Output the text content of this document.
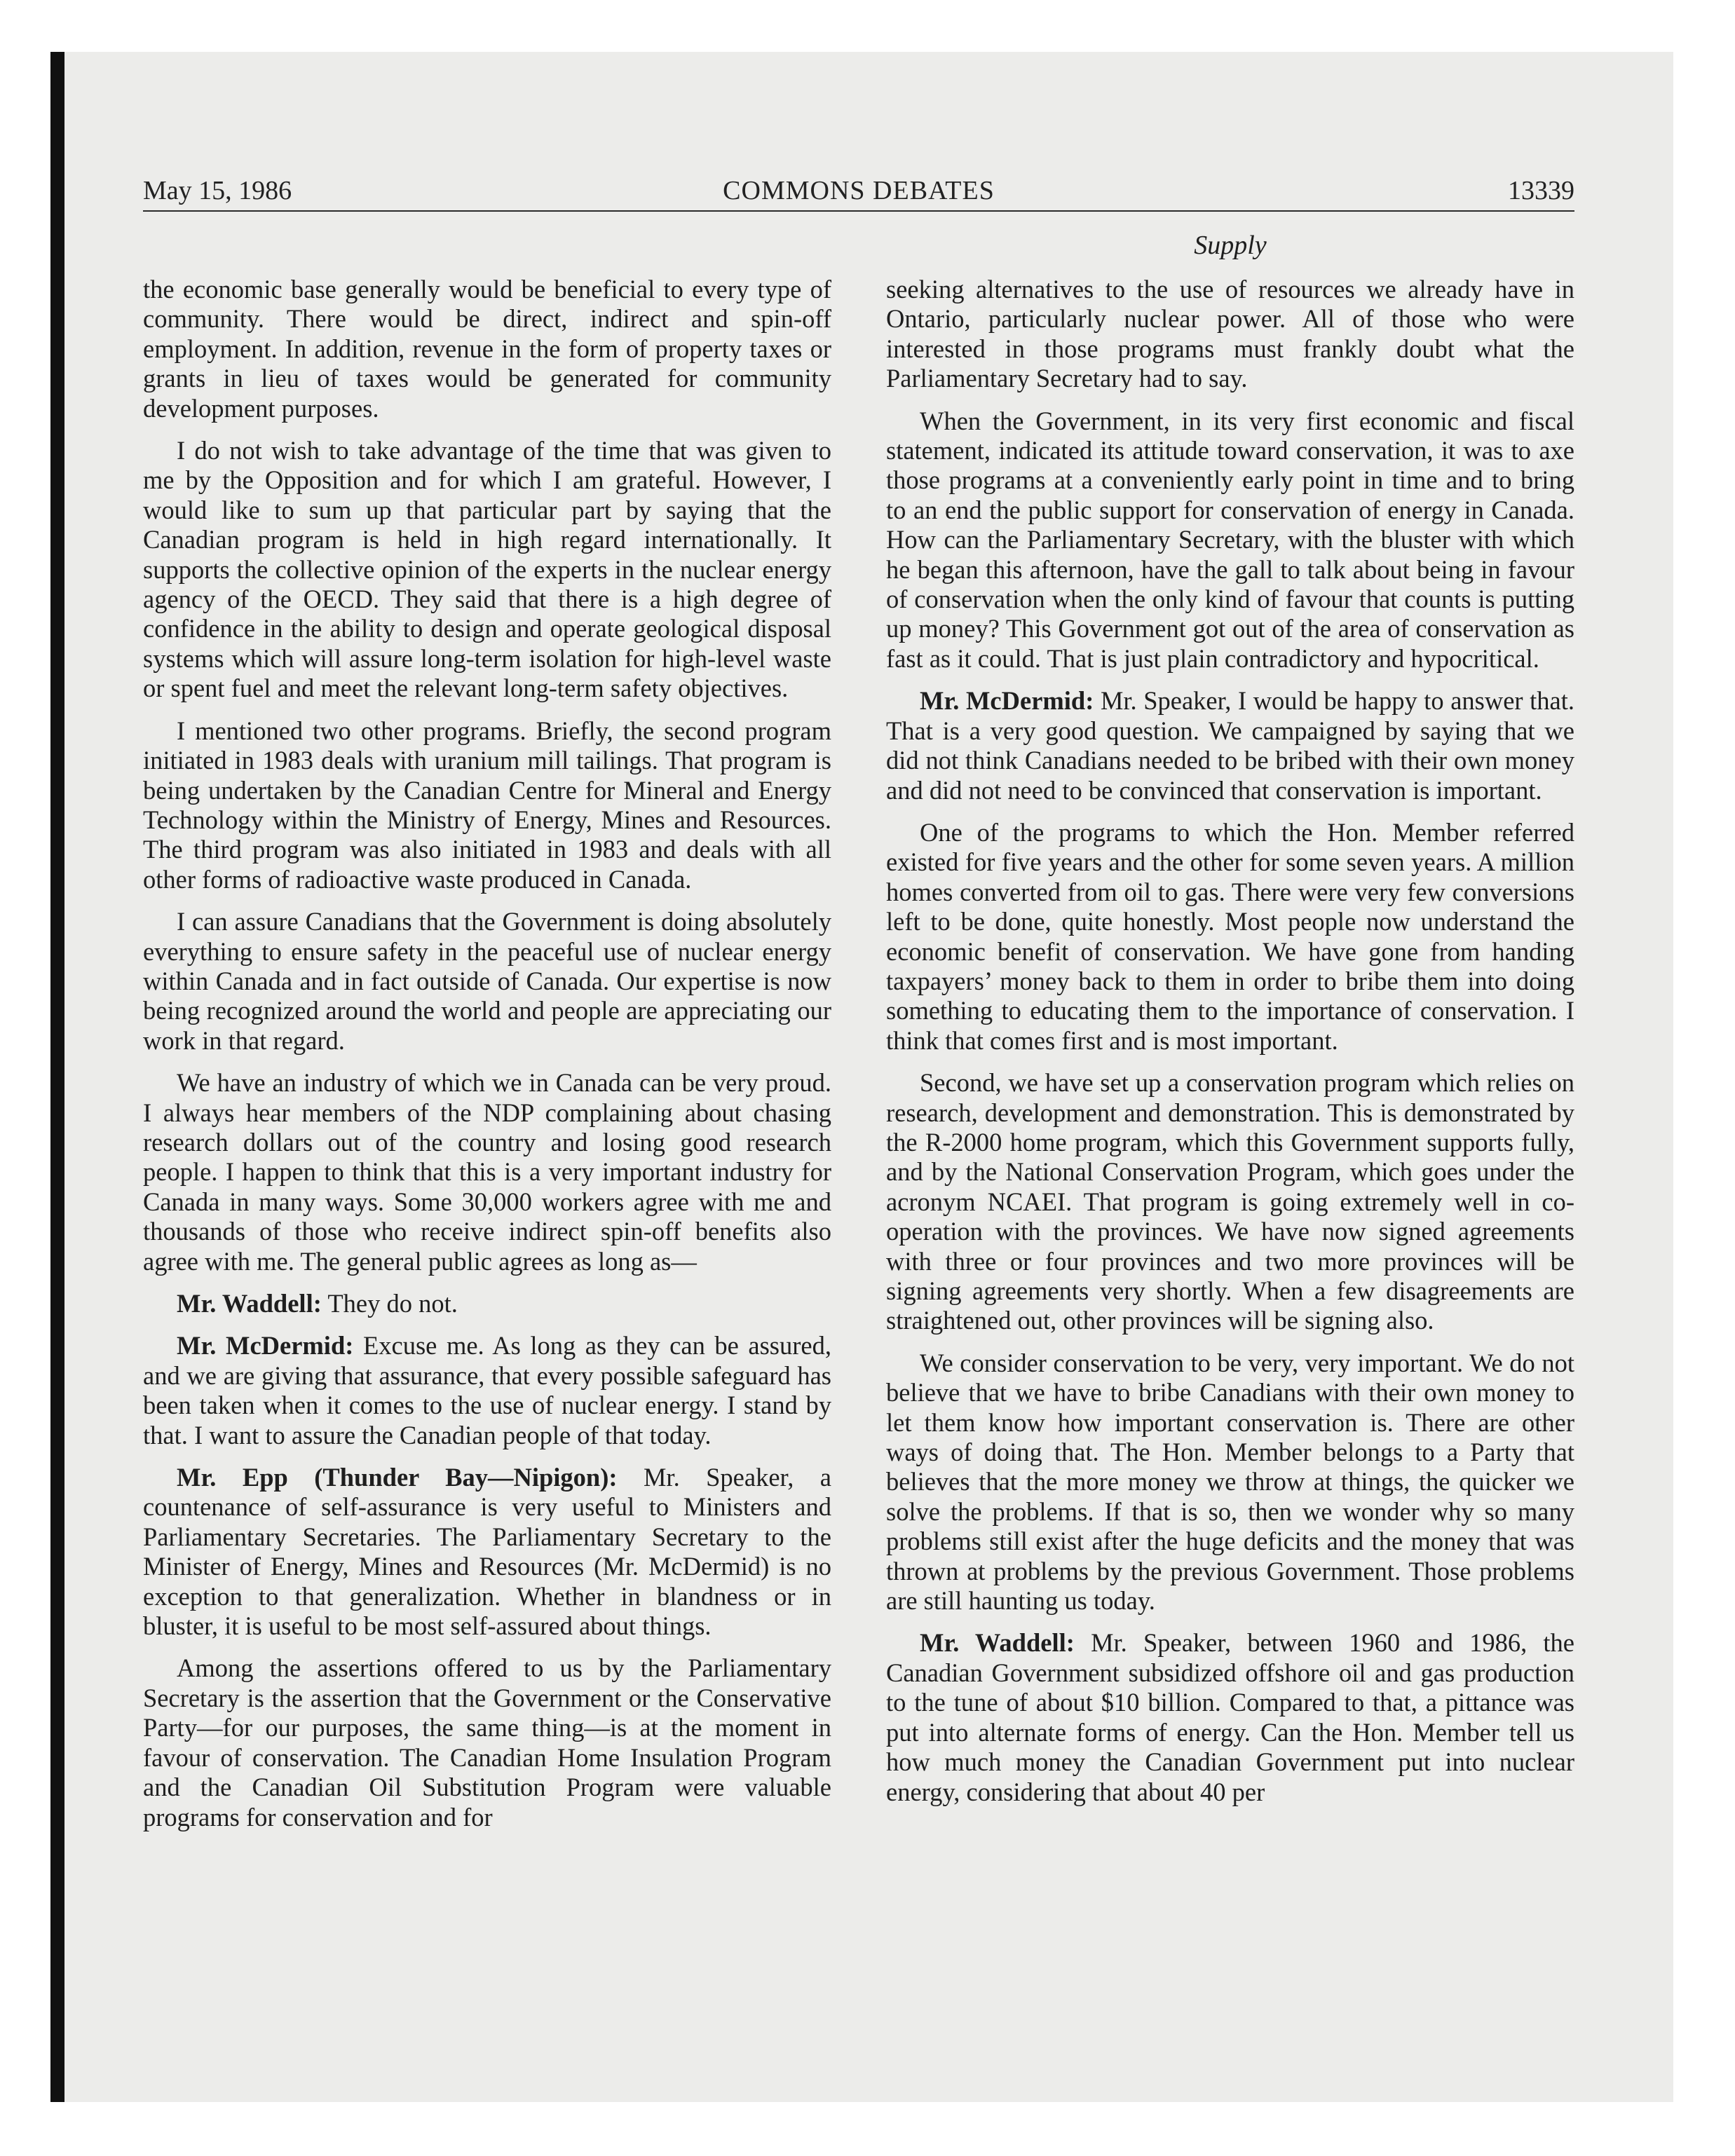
May 15, 1986	COMMONS DEBATES	13339
Supply

the economic base generally would be beneficial to every type of community. There would be direct, indirect and spin-off employment. In addition, revenue in the form of property taxes or grants in lieu of taxes would be generated for community development purposes.

I do not wish to take advantage of the time that was given to me by the Opposition and for which I am grateful. However, I would like to sum up that particular part by saying that the Canadian program is held in high regard internationally. It supports the collective opinion of the experts in the nuclear energy agency of the OECD. They said that there is a high degree of confidence in the ability to design and operate geological disposal systems which will assure long-term isolation for high-level waste or spent fuel and meet the relevant long-term safety objectives.

I mentioned two other programs. Briefly, the second program initiated in 1983 deals with uranium mill tailings. That program is being undertaken by the Canadian Centre for Mineral and Energy Technology within the Ministry of Energy, Mines and Resources. The third program was also initiated in 1983 and deals with all other forms of radioactive waste produced in Canada.

I can assure Canadians that the Government is doing absolutely everything to ensure safety in the peaceful use of nuclear energy within Canada and in fact outside of Canada. Our expertise is now being recognized around the world and people are appreciating our work in that regard.

We have an industry of which we in Canada can be very proud. I always hear members of the NDP complaining about chasing research dollars out of the country and losing good research people. I happen to think that this is a very important industry for Canada in many ways. Some 30,000 workers agree with me and thousands of those who receive indirect spin-off benefits also agree with me. The general public agrees as long as—

Mr. Waddell: They do not.

Mr. McDermid: Excuse me. As long as they can be assured, and we are giving that assurance, that every possible safeguard has been taken when it comes to the use of nuclear energy. I stand by that. I want to assure the Canadian people of that today.

Mr. Epp (Thunder Bay—Nipigon): Mr. Speaker, a countenance of self-assurance is very useful to Ministers and Parliamentary Secretaries. The Parliamentary Secretary to the Minister of Energy, Mines and Resources (Mr. McDermid) is no exception to that generalization. Whether in blandness or in bluster, it is useful to be most self-assured about things.

Among the assertions offered to us by the Parliamentary Secretary is the assertion that the Government or the Conservative Party—for our purposes, the same thing—is at the moment in favour of conservation. The Canadian Home Insulation Program and the Canadian Oil Substitution Program were valuable programs for conservation and for

seeking alternatives to the use of resources we already have in Ontario, particularly nuclear power. All of those who were interested in those programs must frankly doubt what the Parliamentary Secretary had to say.

When the Government, in its very first economic and fiscal statement, indicated its attitude toward conservation, it was to axe those programs at a conveniently early point in time and to bring to an end the public support for conservation of energy in Canada. How can the Parliamentary Secretary, with the bluster with which he began this afternoon, have the gall to talk about being in favour of conservation when the only kind of favour that counts is putting up money? This Government got out of the area of conservation as fast as it could. That is just plain contradictory and hypocritical.

Mr. McDermid: Mr. Speaker, I would be happy to answer that. That is a very good question. We campaigned by saying that we did not think Canadians needed to be bribed with their own money and did not need to be convinced that conservation is important.

One of the programs to which the Hon. Member referred existed for five years and the other for some seven years. A million homes converted from oil to gas. There were very few conversions left to be done, quite honestly. Most people now understand the economic benefit of conservation. We have gone from handing taxpayers’ money back to them in order to bribe them into doing something to educating them to the importance of conservation. I think that comes first and is most important.

Second, we have set up a conservation program which relies on research, development and demonstration. This is demonstrated by the R-2000 home program, which this Government supports fully, and by the National Conservation Program, which goes under the acronym NCAEI. That program is going extremely well in co-operation with the provinces. We have now signed agreements with three or four provinces and two more provinces will be signing agreements very shortly. When a few disagreements are straightened out, other provinces will be signing also.

We consider conservation to be very, very important. We do not believe that we have to bribe Canadians with their own money to let them know how important conservation is. There are other ways of doing that. The Hon. Member belongs to a Party that believes that the more money we throw at things, the quicker we solve the problems. If that is so, then we wonder why so many problems still exist after the huge deficits and the money that was thrown at problems by the previous Government. Those problems are still haunting us today.

Mr. Waddell: Mr. Speaker, between 1960 and 1986, the Canadian Government subsidized offshore oil and gas production to the tune of about $10 billion. Compared to that, a pittance was put into alternate forms of energy. Can the Hon. Member tell us how much money the Canadian Government put into nuclear energy, considering that about 40 per
